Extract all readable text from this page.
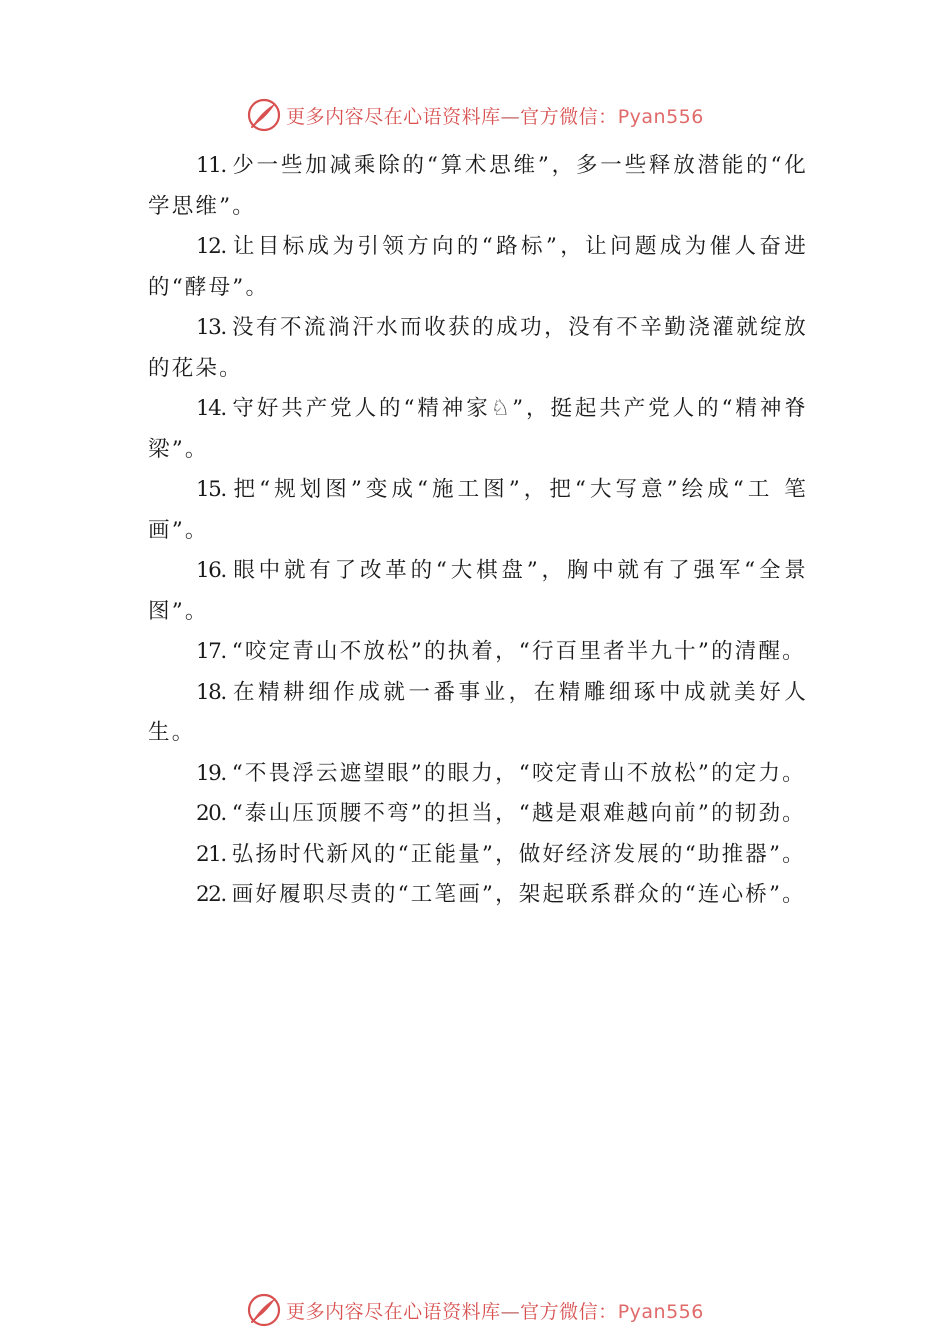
更多内容尽在心语资料库—官方微信：Pyan556

11. 少一些加减乘除的“算术思维”，多一些释放潜能的“化学思维”。

12. 让目标成为引领方向的“路标”，让问题成为催人奋进的“酵母”。

13. 没有不流淌汗水而收获的成功，没有不辛勤浇灌就绽放的花朵。

14. 守好共产党人的“精神家♘”，挺起共产党人的“精神脊梁”。

15. 把“规划图”变成“施工图”，把“大写意”绘成“工 笔画”。

16. 眼中就有了改革的“大棋盘”，胸中就有了强军“全景图”。

17. “咬定青山不放松”的执着，“行百里者半九十”的清醒。

18. 在精耕细作成就一番事业，在精雕细琢中成就美好人生。

19. “不畏浮云遮望眼”的眼力，“咬定青山不放松”的定力。

20. “泰山压顶腰不弯”的担当，“越是艰难越向前”的韧劲。

21. 弘扬时代新风的“正能量”，做好经济发展的“助推器”。

22. 画好履职尽责的“工笔画”，架起联系群众的“连心桥”。

更多内容尽在心语资料库—官方微信：Pyan556
